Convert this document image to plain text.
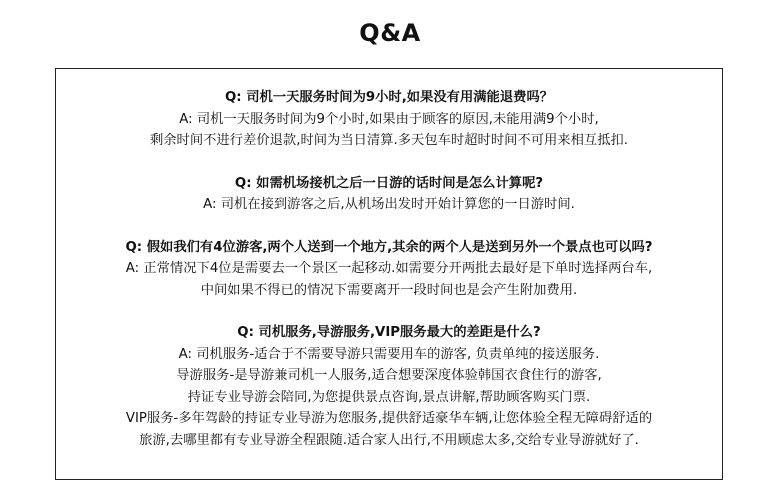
Q&A
Q: 司机一天服务时间为9小时,如果没有用满能退费吗？
A: 司机一天服务时间为9个小时,如果由于顾客的原因,未能用满9个小时,
剩余时间不进行差价退款,时间为当日清算.多天包车时超时时间不可用来相互抵扣.
Q: 如需机场接机之后一日游的话时间是怎么计算呢?
A: 司机在接到游客之后,从机场出发时开始计算您的一日游时间.
Q: 假如我们有4位游客,两个人送到一个地方,其余的两个人是送到另外一个景点也可以吗?
A: 正常情况下4位是需要去一个景区一起移动.如需要分开两批去最好是下单时选择两台车,
中间如果不得已的情况下需要离开一段时间也是会产生附加费用.
Q: 司机服务,导游服务,VIP服务最大的差距是什么?
A: 司机服务-适合于不需要导游只需要用车的游客, 负责单纯的接送服务.
导游服务-是导游兼司机一人服务,适合想要深度体验韩国衣食住行的游客,
持证专业导游会陪同,为您提供景点咨询,景点讲解,帮助顾客购买门票.
VIP服务-多年驾龄的持证专业导游为您服务,提供舒适豪华车辆,让您体验全程无障碍舒适的
旅游,去哪里都有专业导游全程跟随.适合家人出行,不用顾虑太多,交给专业导游就好了.
